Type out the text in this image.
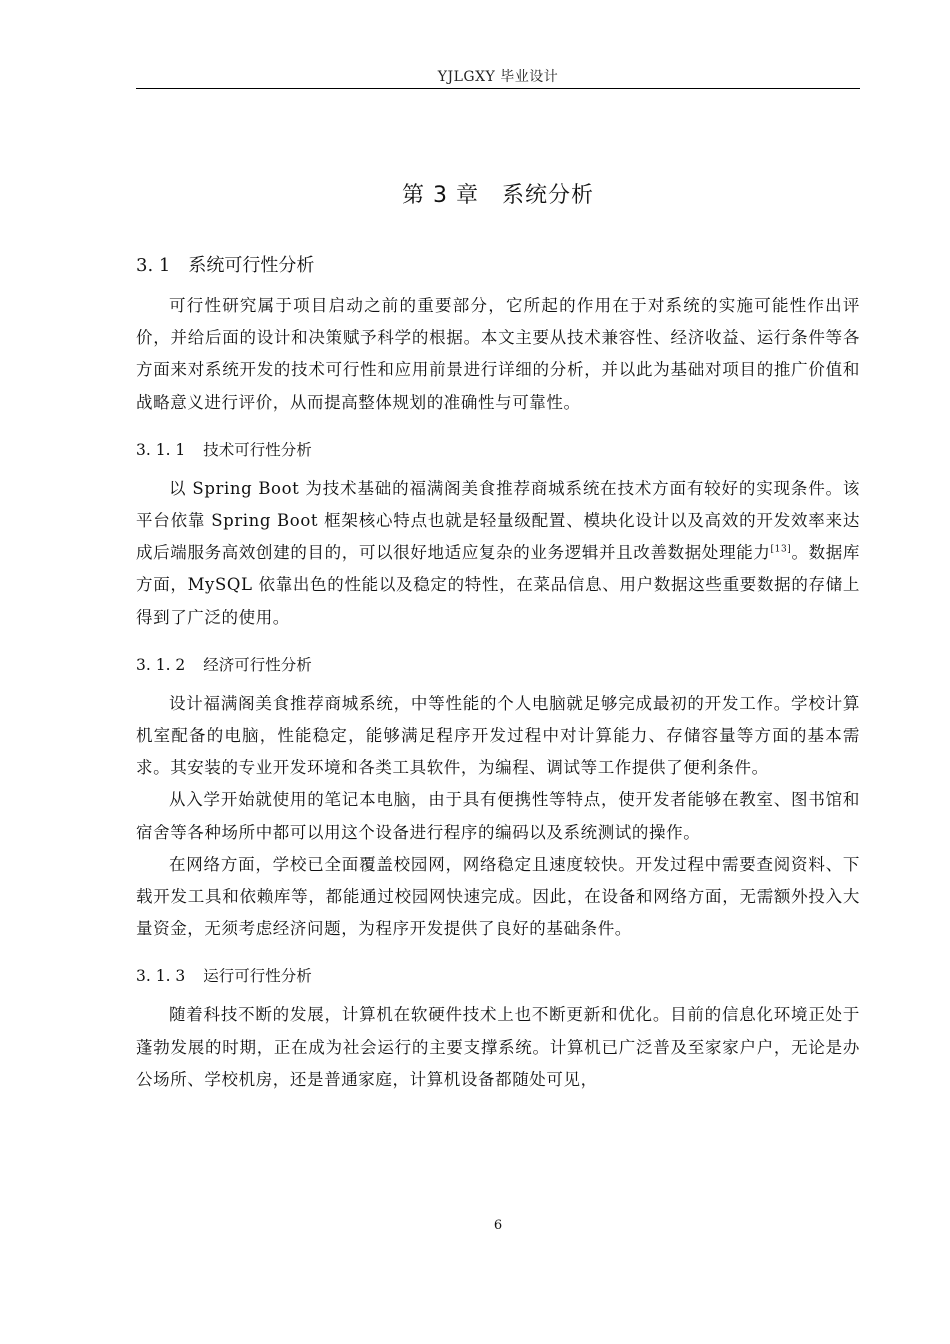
YJLGXY 毕业设计
第 3 章　系统分析
3. 1 系统可行性分析

可行性研究属于项目启动之前的重要部分，它所起的作用在于对系统的实施可能性作出评价，并给后面的设计和决策赋予科学的根据。本文主要从技术兼容性、经济收益、运行条件等各方面来对系统开发的技术可行性和应用前景进行详细的分析，并以此为基础对项目的推广价值和战略意义进行评价，从而提高整体规划的准确性与可靠性。

3. 1. 1 技术可行性分析

以 Spring Boot 为技术基础的福满阁美食推荐商城系统在技术方面有较好的实现条件。该平台依靠 Spring Boot 框架核心特点也就是轻量级配置、模块化设计以及高效的开发效率来达成后端服务高效创建的目的，可以很好地适应复杂的业务逻辑并且改善数据处理能力[13]。数据库方面，MySQL 依靠出色的性能以及稳定的特性，在菜品信息、用户数据这些重要数据的存储上得到了广泛的使用。

3. 1. 2 经济可行性分析

设计福满阁美食推荐商城系统，中等性能的个人电脑就足够完成最初的开发工作。学校计算机室配备的电脑，性能稳定，能够满足程序开发过程中对计算能力、存储容量等方面的基本需求。其安装的专业开发环境和各类工具软件，为编程、调试等工作提供了便利条件。

从入学开始就使用的笔记本电脑，由于具有便携性等特点，使开发者能够在教室、图书馆和宿舍等各种场所中都可以用这个设备进行程序的编码以及系统测试的操作。

在网络方面，学校已全面覆盖校园网，网络稳定且速度较快。开发过程中需要查阅资料、下载开发工具和依赖库等，都能通过校园网快速完成。因此，在设备和网络方面，无需额外投入大量资金，无须考虑经济问题，为程序开发提供了良好的基础条件。

3. 1. 3 运行可行性分析

随着科技不断的发展，计算机在软硬件技术上也不断更新和优化。目前的信息化环境正处于蓬勃发展的时期，正在成为社会运行的主要支撑系统。计算机已广泛普及至家家户户，无论是办公场所、学校机房，还是普通家庭，计算机设备都随处可见，

6
